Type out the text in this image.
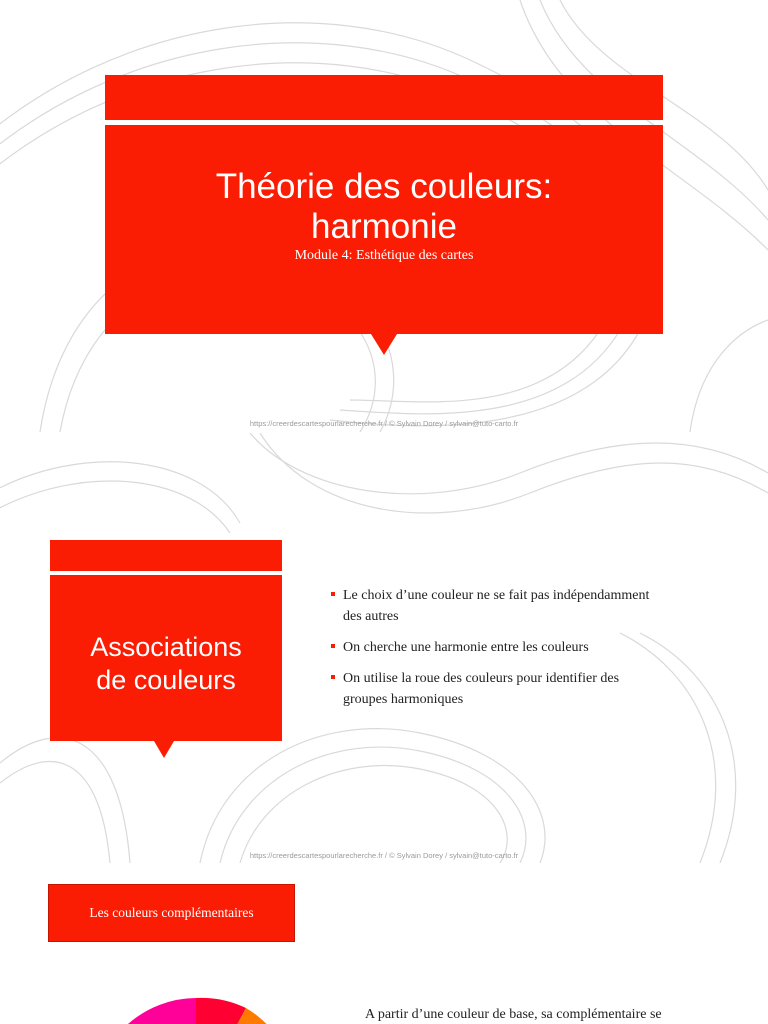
Théorie des couleurs:
harmonie
Module 4: Esthétique des cartes
https://creerdescartespourlarecherche.fr / © Sylvain Dorey / sylvain@tuto-carto.fr
Associations
de couleurs
Le choix d’une couleur ne se fait pas indépendamment
des autres
On cherche une harmonie entre les couleurs
On utilise la roue des couleurs pour identifier des
groupes harmoniques
https://creerdescartespourlarecherche.fr / © Sylvain Dorey / sylvain@tuto-carto.fr
Les couleurs complémentaires
A partir d’une couleur de base, sa complémentaire se
